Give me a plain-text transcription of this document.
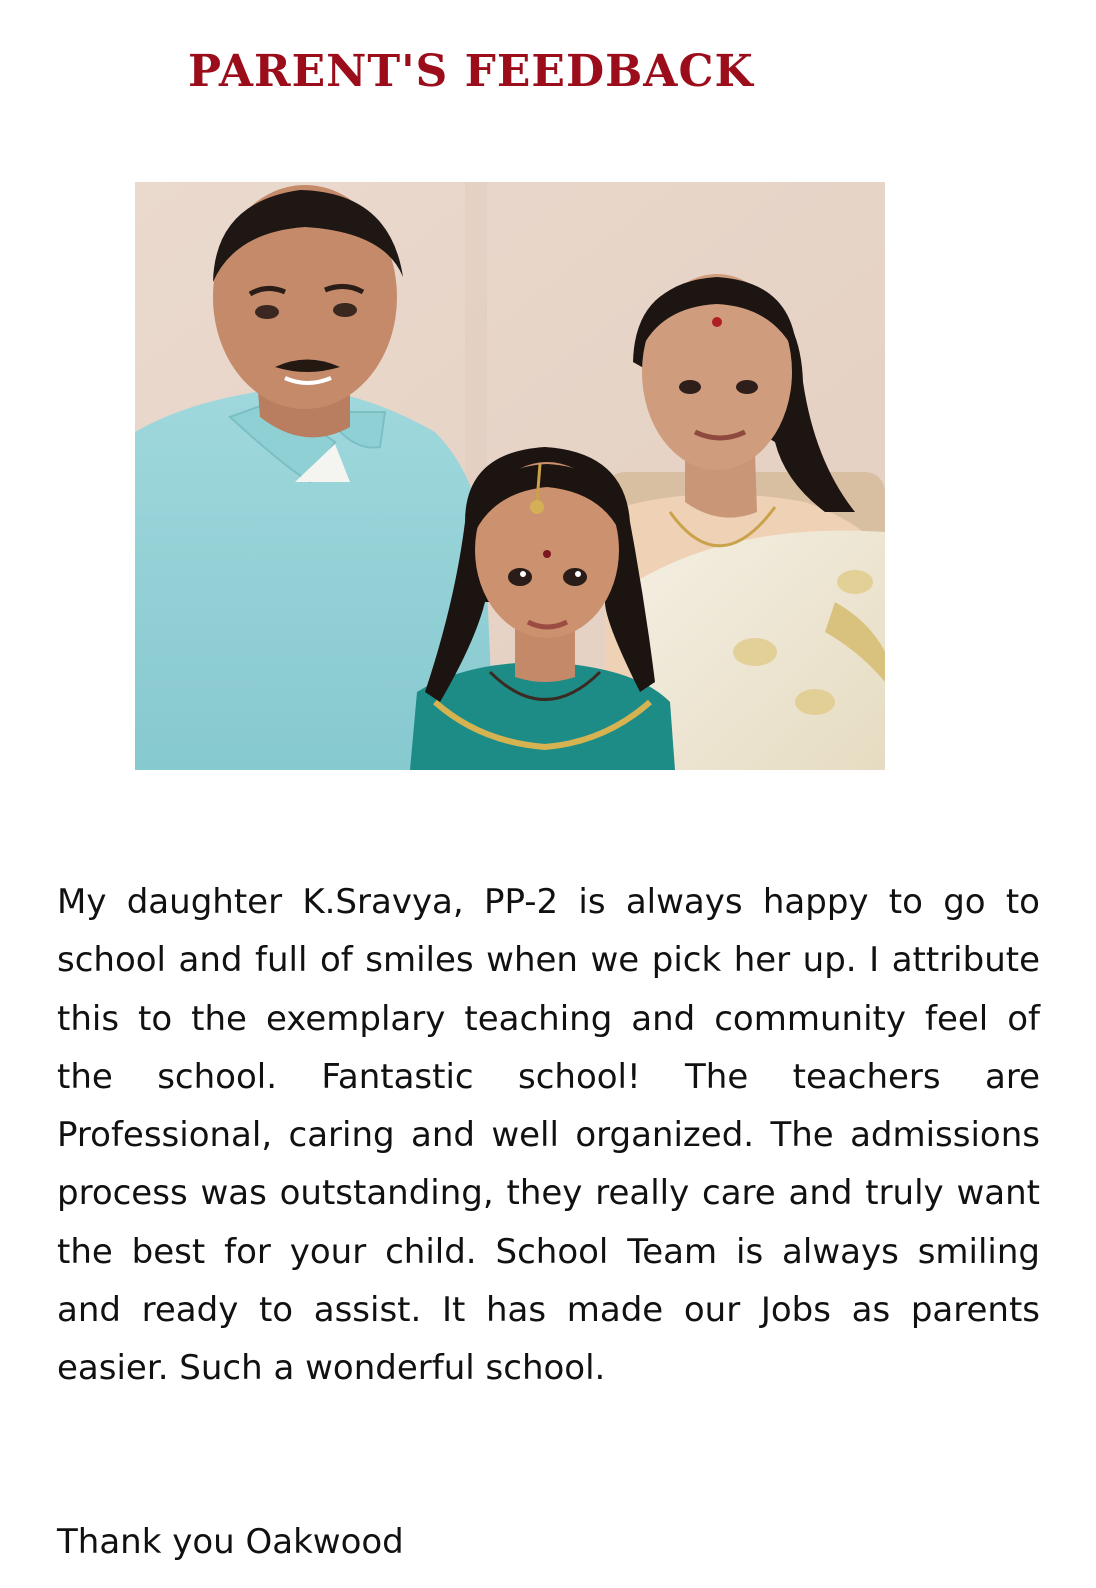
PARENT'S FEEDBACK

My daughter K.Sravya, PP-2 is always happy to go to school and full of smiles when we pick her up. I attribute this to the exemplary teaching and community feel of the school. Fantastic school! The teachers are Professional, caring and well organized. The admissions process was outstanding, they really care and truly want the best for your child. School Team is always smiling and ready to assist. It has made our Jobs as parents easier. Such a wonderful school.

Thank you Oakwood
